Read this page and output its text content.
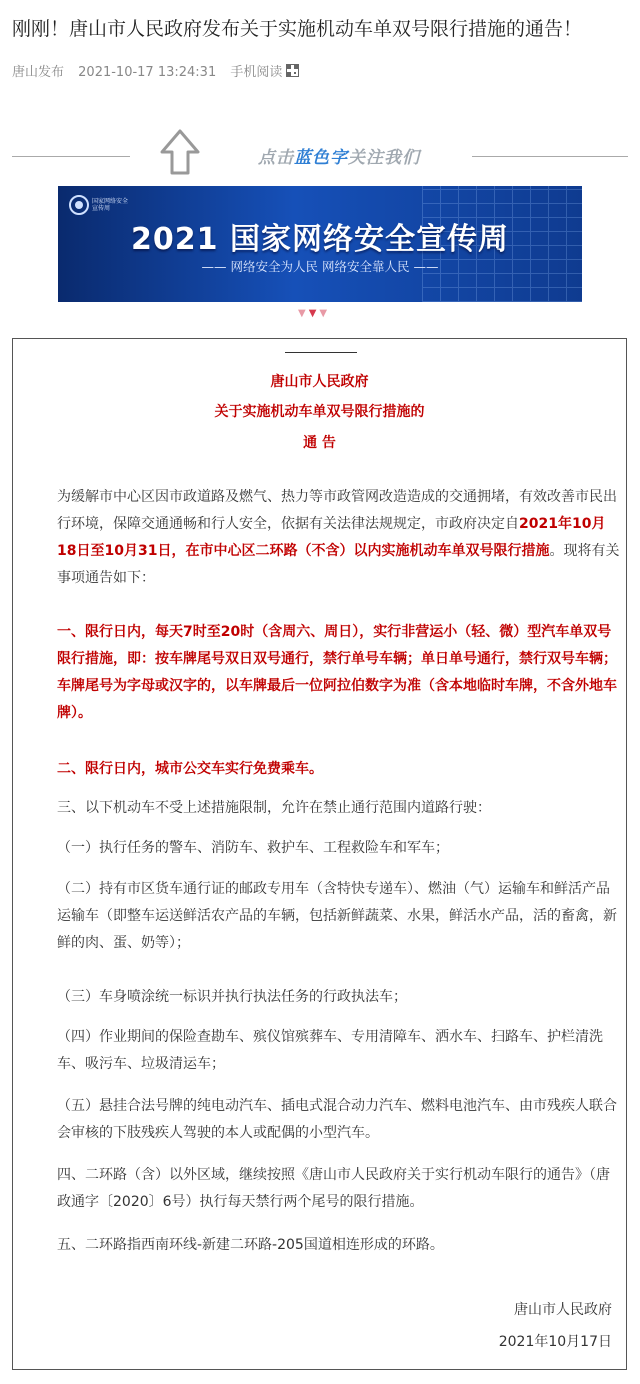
刚刚！唐山市人民政府发布关于实施机动车单双号限行措施的通告！
唐山发布 2021-10-17 13:24:31 手机阅读
点击蓝色字关注我们
国家网络安全宣传周
2021 国家网络安全宣传周
—— 网络安全为人民 网络安全靠人民 ——
▼▼▼
唐山市人民政府
关于实施机动车单双号限行措施的
通 告

为缓解市中心区因市政道路及燃气、热力等市政管网改造造成的交通拥堵，有效改善市民出行环境，保障交通通畅和行人安全，依据有关法律法规规定，市政府决定自2021年10月18日至10月31日，在市中心区二环路（不含）以内实施机动车单双号限行措施。现将有关事项通告如下：

一、限行日内，每天7时至20时（含周六、周日），实行非营运小（轻、微）型汽车单双号限行措施，即：按车牌尾号双日双号通行，禁行单号车辆；单日单号通行，禁行双号车辆；车牌尾号为字母或汉字的，以车牌最后一位阿拉伯数字为准（含本地临时车牌，不含外地车牌）。

二、限行日内，城市公交车实行免费乘车。

三、以下机动车不受上述措施限制，允许在禁止通行范围内道路行驶：

（一）执行任务的警车、消防车、救护车、工程救险车和军车；

（二）持有市区货车通行证的邮政专用车（含特快专递车）、燃油（气）运输车和鲜活产品运输车（即整车运送鲜活农产品的车辆，包括新鲜蔬菜、水果，鲜活水产品，活的畜禽，新鲜的肉、蛋、奶等）；

（三）车身喷涂统一标识并执行执法任务的行政执法车；

（四）作业期间的保险查勘车、殡仪馆殡葬车、专用清障车、洒水车、扫路车、护栏清洗车、吸污车、垃圾清运车；

（五）悬挂合法号牌的纯电动汽车、插电式混合动力汽车、燃料电池汽车、由市残疾人联合会审核的下肢残疾人驾驶的本人或配偶的小型汽车。

四、二环路（含）以外区域，继续按照《唐山市人民政府关于实行机动车限行的通告》（唐政通字〔2020〕6号）执行每天禁行两个尾号的限行措施。

五、二环路指西南环线-新建二环路-205国道相连形成的环路。

唐山市人民政府
2021年10月17日
